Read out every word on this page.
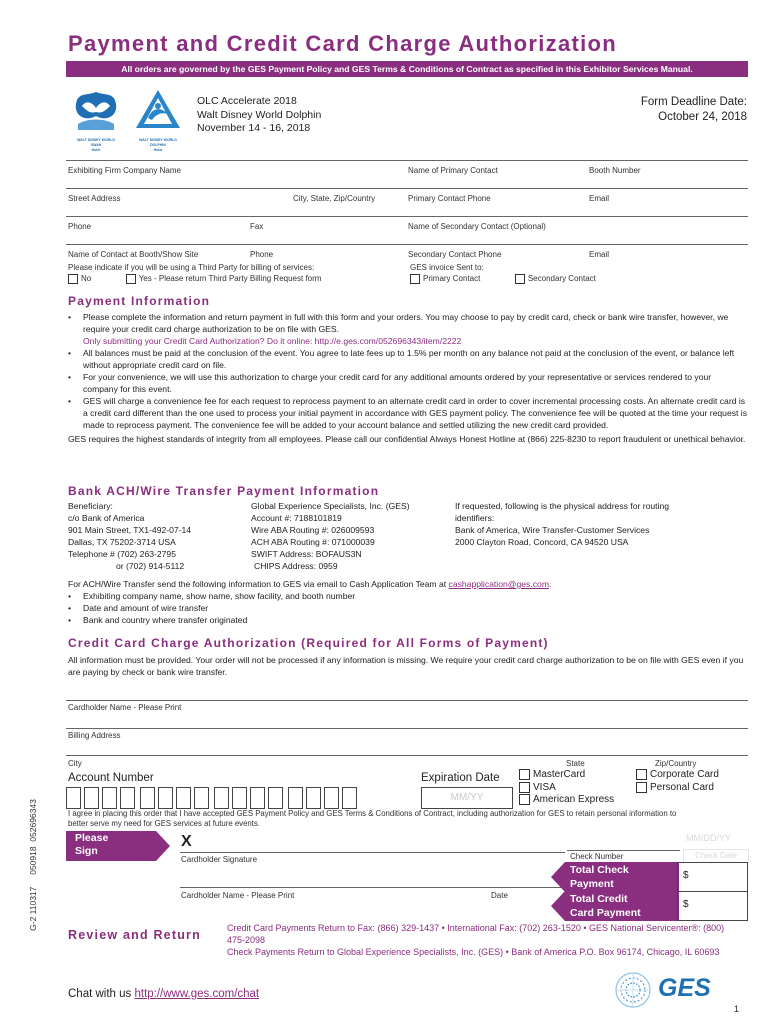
Payment and Credit Card Charge Authorization
All orders are governed by the GES Payment Policy and GES Terms & Conditions of Contract as specified in this Exhibitor Services Manual.
WALT DISNEY WORLD
SWAN
Hotel
WALT DISNEY WORLD
DOLPHIN
Hotel
OLC Accelerate 2018
Walt Disney World Dolphin
November 14 - 16, 2018
Form Deadline Date:
October 24, 2018
Exhibiting Firm Company Name	Name of Primary Contact	Booth Number
Street Address	City, State, Zip/Country	Primary Contact Phone	Email
Phone	Fax	Name of Secondary Contact (Optional)
Name of Contact at Booth/Show Site	Phone	Secondary Contact Phone	Email
Please indicate if you will be using a Third Party for billing of services:
No	Yes - Please return Third Party Billing Request form
GES invoice Sent to:
Primary Contact	Secondary Contact
Payment Information
• Please complete the information and return payment in full with this form and your orders. You may choose to pay by credit card, check or bank wire transfer, however, we require your credit card charge authorization to be on file with GES.
Only submitting your Credit Card Authorization? Do it online: http://e.ges.com/052696343/item/2222
• All balances must be paid at the conclusion of the event. You agree to late fees up to 1.5% per month on any balance not paid at the conclusion of the event, or balance left without appropriate credit card on file.
• For your convenience, we will use this authorization to charge your credit card for any additional amounts ordered by your representative or services rendered to your company for this event.
• GES will charge a convenience fee for each request to reprocess payment to an alternate credit card in order to cover incremental processing costs. An alternate credit card is a credit card different than the one used to process your initial payment in accordance with GES payment policy. The convenience fee will be quoted at the time your request is made to reprocess payment. The convenience fee will be added to your account balance and settled utilizing the new credit card provided.
GES requires the highest standards of integrity from all employees. Please call our confidential Always Honest Hotline at (866) 225-8230 to report fraudulent or unethical behavior.
Bank ACH/Wire Transfer Payment Information
Beneficiary:
c/o Bank of America
901 Main Street, TX1-492-07-14
Dallas, TX 75202-3714 USA
Telephone # (702) 263-2795
or (702) 914-5112
Global Experience Specialists, Inc. (GES)
Account #: 7188101819
Wire ABA Routing #: 026009593
ACH ABA Routing #: 071000039
SWIFT Address: BOFAUS3N
CHIPS Address: 0959
If requested, following is the physical address for routing
identifiers:
Bank of America, Wire Transfer-Customer Services
2000 Clayton Road, Concord, CA 94520 USA
For ACH/Wire Transfer send the following information to GES via email to Cash Application Team at cashapplication@ges.com.
• Exhibiting company name, show name, show facility, and booth number
• Date and amount of wire transfer
• Bank and country where transfer originated
Credit Card Charge Authorization (Required for All Forms of Payment)
All information must be provided. Your order will not be processed if any information is missing. We require your credit card charge authorization to be on file with GES even if you are paying by check or bank wire transfer.
Cardholder Name - Please Print
Billing Address
City	State	Zip/Country
Account Number	Expiration Date
MM/YY
MasterCard
VISA
American Express
Corporate Card
Personal Card
I agree in placing this order that I have accepted GES Payment Policy and GES Terms & Conditions of Contract, including authorization for GES to retain personal information to better serve my need for GES services at future events.
Please
Sign
X
Cardholder Signature
MM/DD/YY
Check Number	Check Date
Cardholder Name - Please Print	Date
Total Check
Payment
$
Total Credit
Card Payment
$
G-2 110317     050918  052696343
Review and Return	Credit Card Payments Return to Fax: (866) 329-1437 • International Fax: (702) 263-1520 • GES National Servicenter®: (800) 475-2098
Check Payments Return to Global Experience Specialists, Inc. (GES) • Bank of America P.O. Box 96174, Chicago, IL 60693
Chat with us http://www.ges.com/chat	GES
1
